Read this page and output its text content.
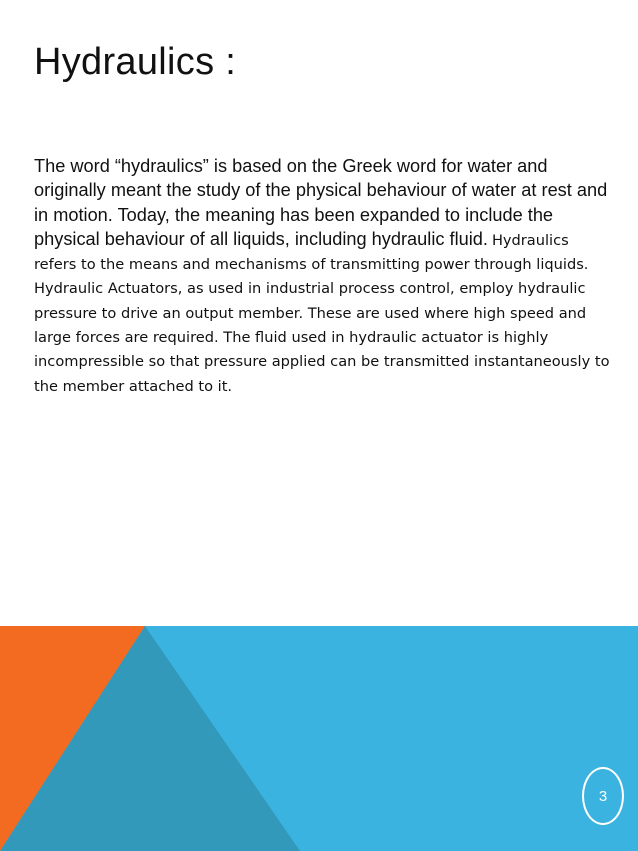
Hydraulics :

The word “hydraulics” is based on the Greek word for water and originally meant the study of the physical behaviour of water at rest and in motion. Today, the meaning has been expanded to include the physical behaviour of all liquids, including hydraulic fluid. Hydraulics refers to the means and mechanisms of transmitting power through liquids. Hydraulic Actuators, as used in industrial process control, employ hydraulic pressure to drive an output member. These are used where high speed and large forces are required. The fluid used in hydraulic actuator is highly incompressible so that pressure applied can be transmitted instantaneously to the member attached to it.

3
